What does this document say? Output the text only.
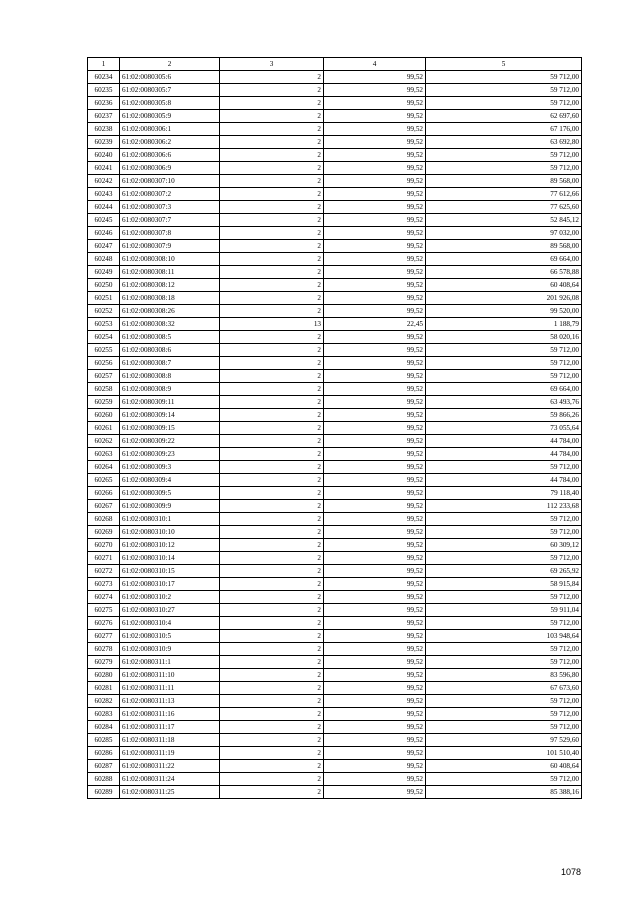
1	2	3	4	5
60234	61:02:0080305:6	2	99,52	59 712,00
60235	61:02:0080305:7	2	99,52	59 712,00
60236	61:02:0080305:8	2	99,52	59 712,00
60237	61:02:0080305:9	2	99,52	62 697,60
60238	61:02:0080306:1	2	99,52	67 176,00
60239	61:02:0080306:2	2	99,52	63 692,80
60240	61:02:0080306:6	2	99,52	59 712,00
60241	61:02:0080306:9	2	99,52	59 712,00
60242	61:02:0080307:10	2	99,52	89 568,00
60243	61:02:0080307:2	2	99,52	77 612,66
60244	61:02:0080307:3	2	99,52	77 625,60
60245	61:02:0080307:7	2	99,52	52 845,12
60246	61:02:0080307:8	2	99,52	97 032,00
60247	61:02:0080307:9	2	99,52	89 568,00
60248	61:02:0080308:10	2	99,52	69 664,00
60249	61:02:0080308:11	2	99,52	66 578,88
60250	61:02:0080308:12	2	99,52	60 408,64
60251	61:02:0080308:18	2	99,52	201 926,08
60252	61:02:0080308:26	2	99,52	99 520,00
60253	61:02:0080308:32	13	22,45	1 188,79
60254	61:02:0080308:5	2	99,52	58 020,16
60255	61:02:0080308:6	2	99,52	59 712,00
60256	61:02:0080308:7	2	99,52	59 712,00
60257	61:02:0080308:8	2	99,52	59 712,00
60258	61:02:0080308:9	2	99,52	69 664,00
60259	61:02:0080309:11	2	99,52	63 493,76
60260	61:02:0080309:14	2	99,52	59 866,26
60261	61:02:0080309:15	2	99,52	73 055,64
60262	61:02:0080309:22	2	99,52	44 784,00
60263	61:02:0080309:23	2	99,52	44 784,00
60264	61:02:0080309:3	2	99,52	59 712,00
60265	61:02:0080309:4	2	99,52	44 784,00
60266	61:02:0080309:5	2	99,52	79 118,40
60267	61:02:0080309:9	2	99,52	112 233,68
60268	61:02:0080310:1	2	99,52	59 712,00
60269	61:02:0080310:10	2	99,52	59 712,00
60270	61:02:0080310:12	2	99,52	60 309,12
60271	61:02:0080310:14	2	99,52	59 712,00
60272	61:02:0080310:15	2	99,52	69 265,92
60273	61:02:0080310:17	2	99,52	58 915,84
60274	61:02:0080310:2	2	99,52	59 712,00
60275	61:02:0080310:27	2	99,52	59 911,04
60276	61:02:0080310:4	2	99,52	59 712,00
60277	61:02:0080310:5	2	99,52	103 948,64
60278	61:02:0080310:9	2	99,52	59 712,00
60279	61:02:0080311:1	2	99,52	59 712,00
60280	61:02:0080311:10	2	99,52	83 596,80
60281	61:02:0080311:11	2	99,52	67 673,60
60282	61:02:0080311:13	2	99,52	59 712,00
60283	61:02:0080311:16	2	99,52	59 712,00
60284	61:02:0080311:17	2	99,52	59 712,00
60285	61:02:0080311:18	2	99,52	97 529,60
60286	61:02:0080311:19	2	99,52	101 510,40
60287	61:02:0080311:22	2	99,52	60 408,64
60288	61:02:0080311:24	2	99,52	59 712,00
60289	61:02:0080311:25	2	99,52	85 388,16
1078
